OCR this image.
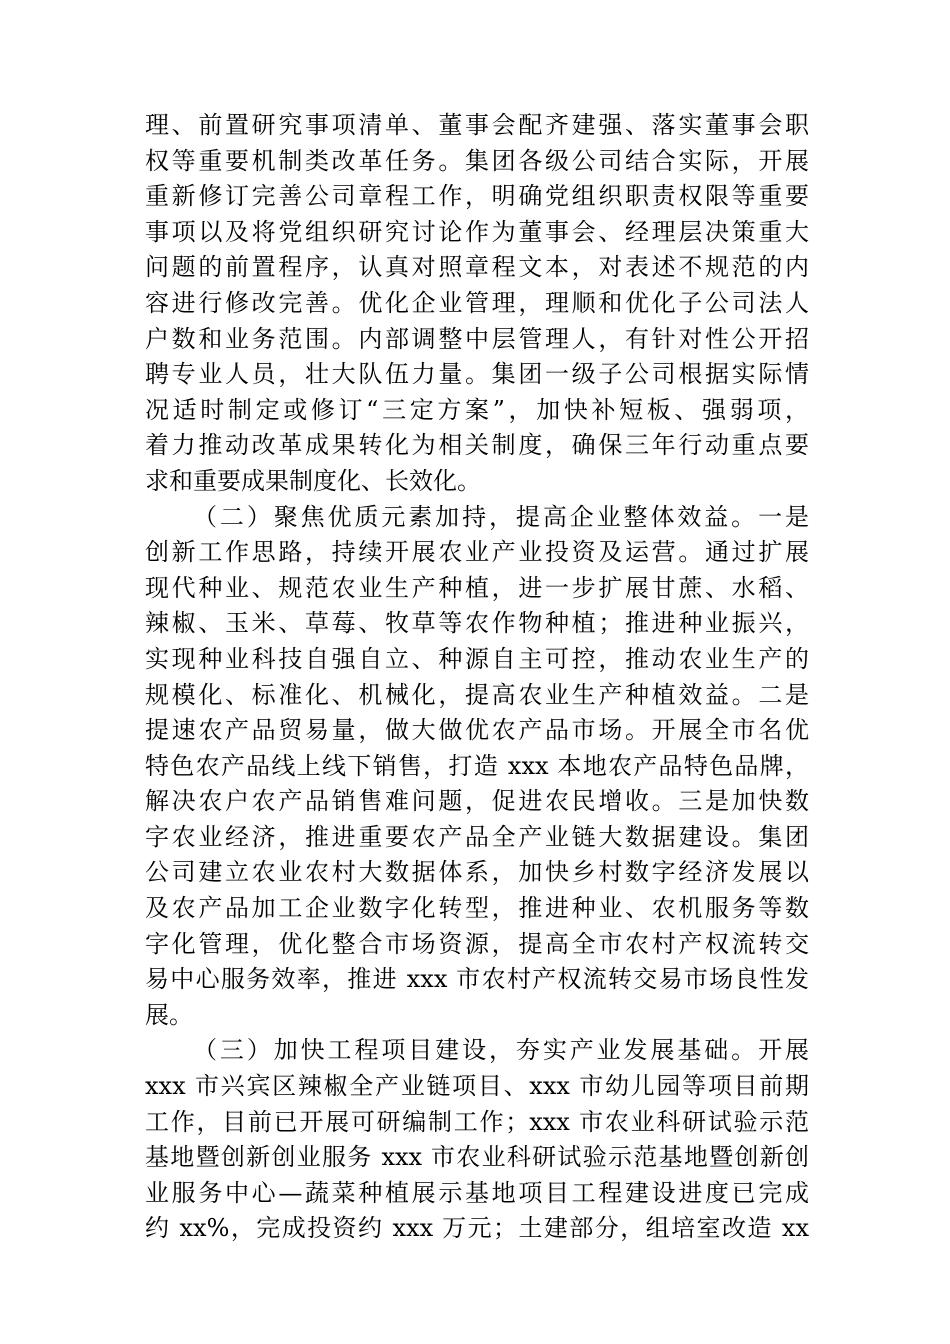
理、前置研究事项清单、董事会配齐建强、落实董事会职
权等重要机制类改革任务。集团各级公司结合实际，开展
重新修订完善公司章程工作，明确党组织职责权限等重要
事项以及将党组织研究讨论作为董事会、经理层决策重大
问题的前置程序，认真对照章程文本，对表述不规范的内
容进行修改完善。优化企业管理，理顺和优化子公司法人
户数和业务范围。内部调整中层管理人，有针对性公开招
聘专业人员，壮大队伍力量。集团一级子公司根据实际情
况适时制定或修订“三定方案”，加快补短板、强弱项，
着力推动改革成果转化为相关制度，确保三年行动重点要
求和重要成果制度化、长效化。
（二）聚焦优质元素加持，提高企业整体效益。一是
创新工作思路，持续开展农业产业投资及运营。通过扩展
现代种业、规范农业生产种植，进一步扩展甘蔗、水稻、
辣椒、玉米、草莓、牧草等农作物种植；推进种业振兴，
实现种业科技自强自立、种源自主可控，推动农业生产的
规模化、标准化、机械化，提高农业生产种植效益。二是
提速农产品贸易量，做大做优农产品市场。开展全市名优
特色农产品线上线下销售，打造 xxx 本地农产品特色品牌，
解决农户农产品销售难问题，促进农民增收。三是加快数
字农业经济，推进重要农产品全产业链大数据建设。集团
公司建立农业农村大数据体系，加快乡村数字经济发展以
及农产品加工企业数字化转型，推进种业、农机服务等数
字化管理，优化整合市场资源，提高全市农村产权流转交
易中心服务效率，推进 xxx 市农村产权流转交易市场良性发
展。
（三）加快工程项目建设，夯实产业发展基础。开展
xxx 市兴宾区辣椒全产业链项目、xxx 市幼儿园等项目前期
工作，目前已开展可研编制工作；xxx 市农业科研试验示范
基地暨创新创业服务 xxx 市农业科研试验示范基地暨创新创
业服务中心—蔬菜种植展示基地项目工程建设进度已完成
约 xx%，完成投资约 xxx 万元；土建部分，组培室改造 xx
